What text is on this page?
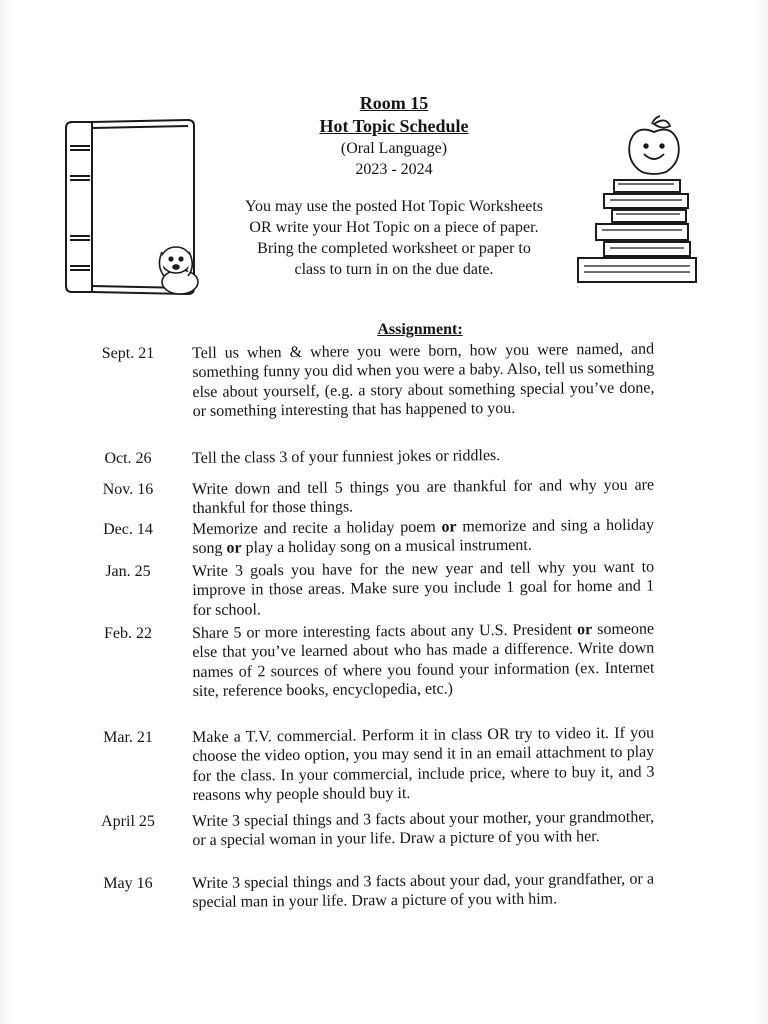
Room 15
Hot Topic Schedule
(Oral Language)
2023 - 2024
You may use the posted Hot Topic Worksheets OR write your Hot Topic on a piece of paper. Bring the completed worksheet or paper to class to turn in on the due date.
Assignment:
Sept. 21	Tell us when & where you were born, how you were named, and something funny you did when you were a baby. Also, tell us something else about yourself, (e.g. a story about something special you’ve done, or something interesting that has happened to you.
Oct. 26	Tell the class 3 of your funniest jokes or riddles.
Nov. 16	Write down and tell 5 things you are thankful for and why you are thankful for those things.
Dec. 14	Memorize and recite a holiday poem or memorize and sing a holiday song or play a holiday song on a musical instrument.
Jan. 25	Write 3 goals you have for the new year and tell why you want to improve in those areas. Make sure you include 1 goal for home and 1 for school.
Feb. 22	Share 5 or more interesting facts about any U.S. President or someone else that you’ve learned about who has made a difference. Write down names of 2 sources of where you found your information (ex. Internet site, reference books, encyclopedia, etc.)
Mar. 21	Make a T.V. commercial. Perform it in class OR try to video it. If you choose the video option, you may send it in an email attachment to play for the class. In your commercial, include price, where to buy it, and 3 reasons why people should buy it.
April 25	Write 3 special things and 3 facts about your mother, your grandmother, or a special woman in your life. Draw a picture of you with her.
May 16	Write 3 special things and 3 facts about your dad, your grandfather, or a special man in your life. Draw a picture of you with him.
